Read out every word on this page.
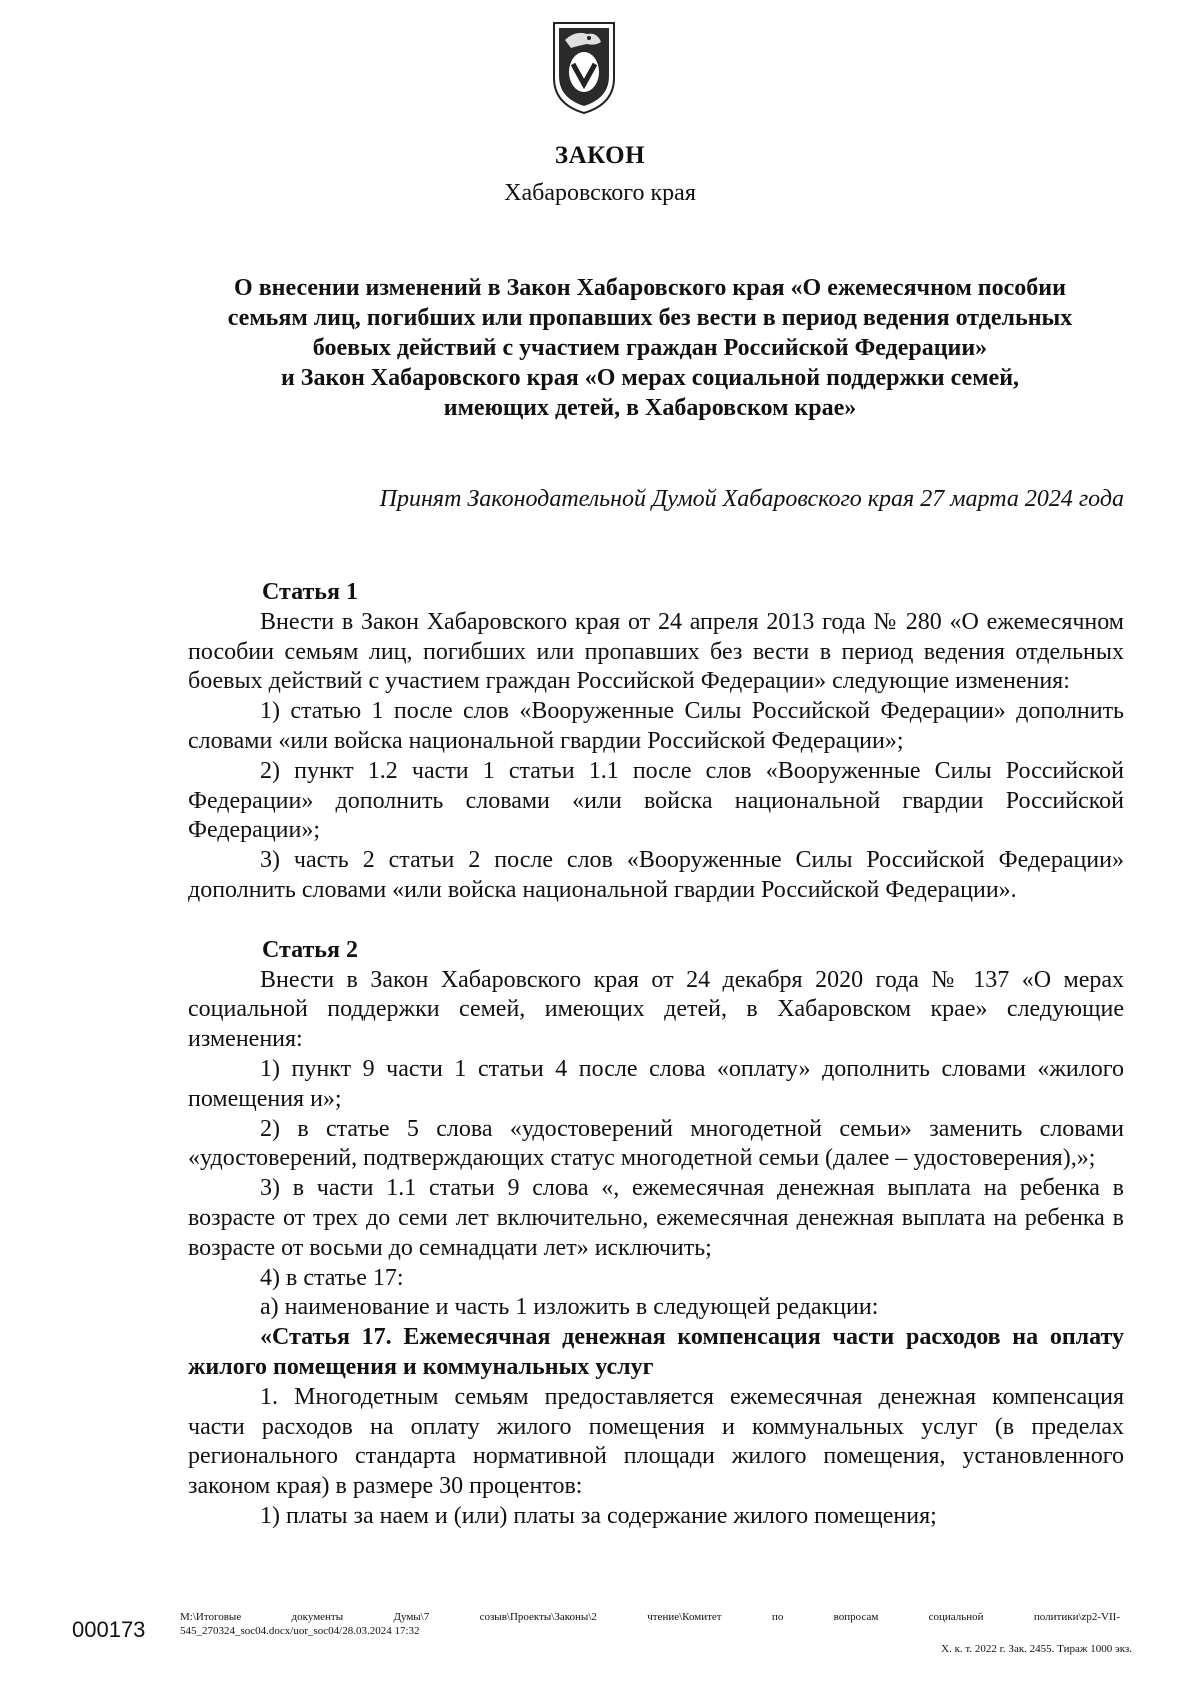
ЗАКОН
Хабаровского края
О внесении изменений в Закон Хабаровского края «О ежемесячном пособии
семьям лиц, погибших или пропавших без вести в период ведения отдельных
боевых действий с участием граждан Российской Федерации»
и Закон Хабаровского края «О мерах социальной поддержки семей,
имеющих детей, в Хабаровском крае»
Принят Законодательной Думой Хабаровского края 27 марта 2024 года

Статья 1

Внести в Закон Хабаровского края от 24 апреля 2013 года № 280 «О ежемесячном пособии семьям лиц, погибших или пропавших без вести в период ведения отдельных боевых действий с участием граждан Российской Федерации» следующие изменения:

1) статью 1 после слов «Вооруженные Силы Российской Федерации» дополнить словами «или войска национальной гвардии Российской Федерации»;

2) пункт 1.2 части 1 статьи 1.1 после слов «Вооруженные Силы Российской Федерации» дополнить словами «или войска национальной гвардии Российской Федерации»;

3) часть 2 статьи 2 после слов «Вооруженные Силы Российской Федерации» дополнить словами «или войска национальной гвардии Российской Федерации».

Статья 2

Внести в Закон Хабаровского края от 24 декабря 2020 года № 137 «О мерах социальной поддержки семей, имеющих детей, в Хабаровском крае» следующие изменения:

1) пункт 9 части 1 статьи 4 после слова «оплату» дополнить словами «жилого помещения и»;

2) в статье 5 слова «удостоверений многодетной семьи» заменить словами «удостоверений, подтверждающих статус многодетной семьи (далее – удостоверения),»;

3) в части 1.1 статьи 9 слова «, ежемесячная денежная выплата на ребенка в возрасте от трех до семи лет включительно, ежемесячная денежная выплата на ребенка в возрасте от восьми до семнадцати лет» исключить;

4) в статье 17:

а) наименование и часть 1 изложить в следующей редакции:

«Статья 17. Ежемесячная денежная компенсация части расходов на оплату жилого помещения и коммунальных услуг

1. Многодетным семьям предоставляется ежемесячная денежная компенсация части расходов на оплату жилого помещения и коммунальных услуг (в пределах регионального стандарта нормативной площади жилого помещения, установленного законом края) в размере 30 процентов:

1) платы за наем и (или) платы за содержание жилого помещения;

000173	M:\Итоговые документы Думы\7 созыв\Проекты\Законы\2 чтение\Комитет по вопросам социальной политики\zp2-VII-

545_270324_soc04.docx/uor_soc04/28.03.2024 17:32

Х. к. т. 2022 г. Зак. 2455. Тираж 1000 экз.
